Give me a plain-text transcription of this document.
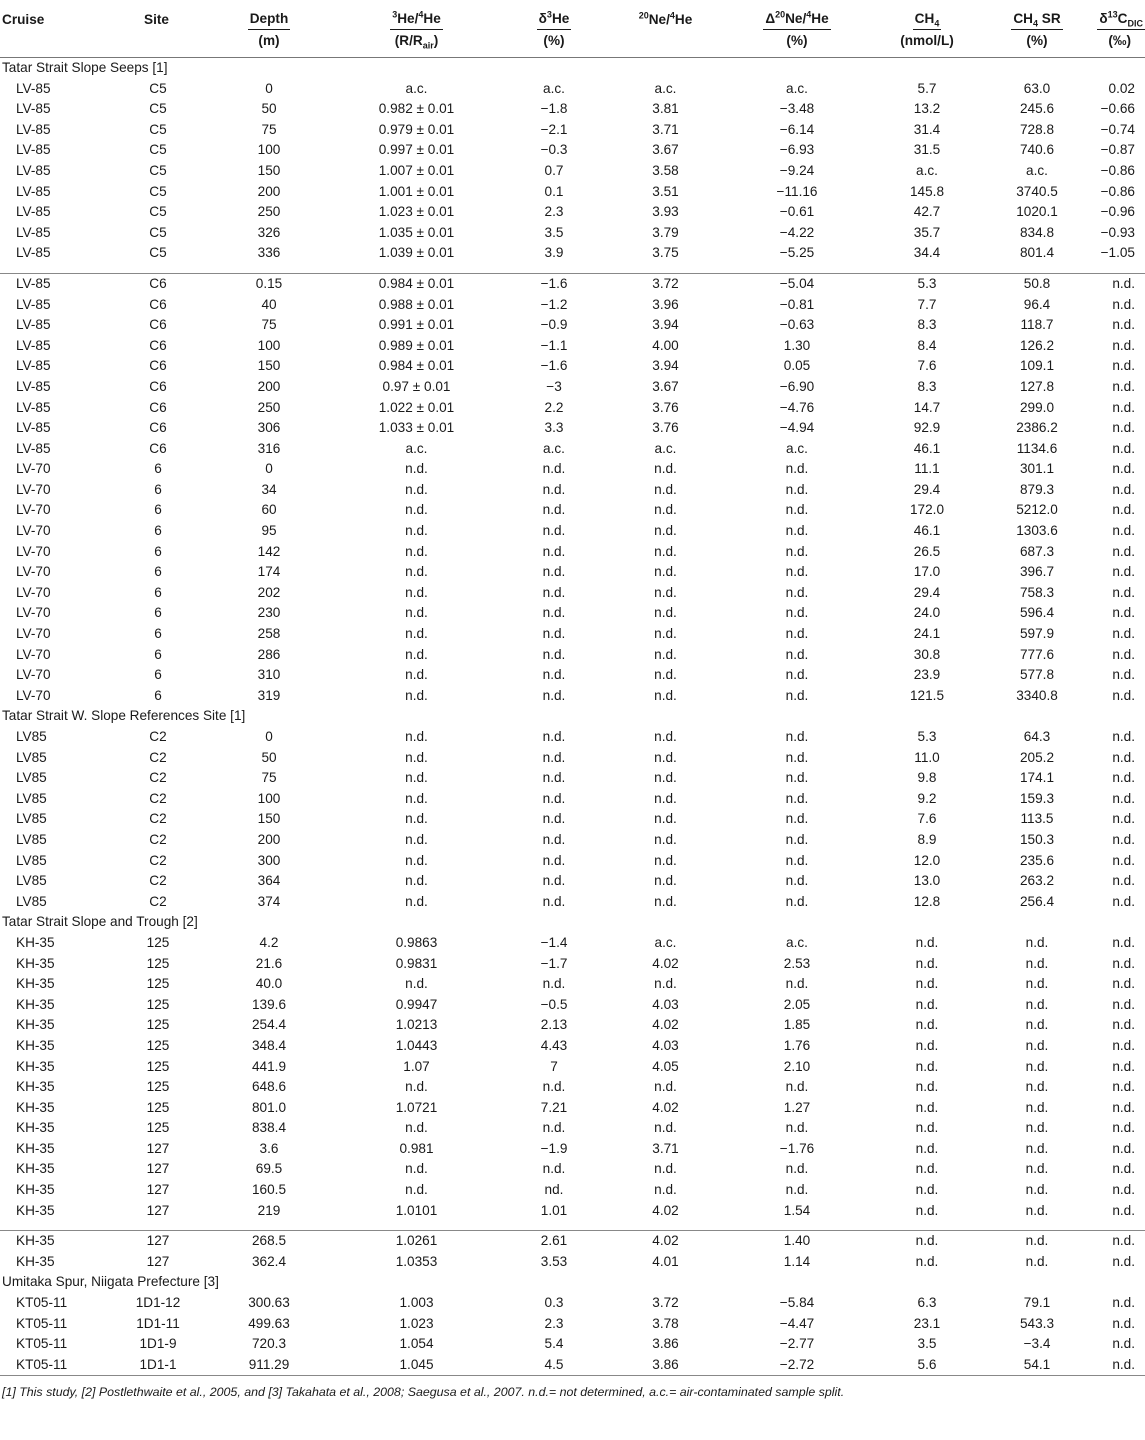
Cruise	Site	Depth	$^3$He/$^4$He	$\delta^3He$	$^{20}$Ne/$^4$He	$\Delta^{20}Ne/^4He$	$CH_4$	$CH_4$ SR	$\delta^{13}C_{DIC}$
		(m)	$(R/R_{air})$	(%)		(%)	(nmol/L)	(%)	(‰)

Tatar Strait Slope Seeps [1]									
LV-85	C5	0	a.c.	a.c.	a.c.	a.c.	5.7	63.0	0.02
LV-85	C5	50	0.982 ± 0.01	−1.8	3.81	−3.48	13.2	245.6	−0.66
LV-85	C5	75	0.979 ± 0.01	−2.1	3.71	−6.14	31.4	728.8	−0.74
LV-85	C5	100	0.997 ± 0.01	−0.3	3.67	−6.93	31.5	740.6	−0.87
LV-85	C5	150	1.007 ± 0.01	0.7	3.58	−9.24	a.c.	a.c.	−0.86
LV-85	C5	200	1.001 ± 0.01	0.1	3.51	−11.16	145.8	3740.5	−0.86
LV-85	C5	250	1.023 ± 0.01	2.3	3.93	−0.61	42.7	1020.1	−0.96
LV-85	C5	326	1.035 ± 0.01	3.5	3.79	−4.22	35.7	834.8	−0.93
LV-85	C5	336	1.039 ± 0.01	3.9	3.75	−5.25	34.4	801.4	−1.05

LV-85	C6	0.15	0.984 ± 0.01	−1.6	3.72	−5.04	5.3	50.8	n.d.
LV-85	C6	40	0.988 ± 0.01	−1.2	3.96	−0.81	7.7	96.4	n.d.
LV-85	C6	75	0.991 ± 0.01	−0.9	3.94	−0.63	8.3	118.7	n.d.
LV-85	C6	100	0.989 ± 0.01	−1.1	4.00	1.30	8.4	126.2	n.d.
LV-85	C6	150	0.984 ± 0.01	−1.6	3.94	0.05	7.6	109.1	n.d.
LV-85	C6	200	0.97 ± 0.01	−3	3.67	−6.90	8.3	127.8	n.d.
LV-85	C6	250	1.022 ± 0.01	2.2	3.76	−4.76	14.7	299.0	n.d.
LV-85	C6	306	1.033 ± 0.01	3.3	3.76	−4.94	92.9	2386.2	n.d.
LV-85	C6	316	a.c.	a.c.	a.c.	a.c.	46.1	1134.6	n.d.
LV-70	6	0	n.d.	n.d.	n.d.	n.d.	11.1	301.1	n.d.
LV-70	6	34	n.d.	n.d.	n.d.	n.d.	29.4	879.3	n.d.
LV-70	6	60	n.d.	n.d.	n.d.	n.d.	172.0	5212.0	n.d.
LV-70	6	95	n.d.	n.d.	n.d.	n.d.	46.1	1303.6	n.d.
LV-70	6	142	n.d.	n.d.	n.d.	n.d.	26.5	687.3	n.d.
LV-70	6	174	n.d.	n.d.	n.d.	n.d.	17.0	396.7	n.d.
LV-70	6	202	n.d.	n.d.	n.d.	n.d.	29.4	758.3	n.d.
LV-70	6	230	n.d.	n.d.	n.d.	n.d.	24.0	596.4	n.d.
LV-70	6	258	n.d.	n.d.	n.d.	n.d.	24.1	597.9	n.d.
LV-70	6	286	n.d.	n.d.	n.d.	n.d.	30.8	777.6	n.d.
LV-70	6	310	n.d.	n.d.	n.d.	n.d.	23.9	577.8	n.d.
LV-70	6	319	n.d.	n.d.	n.d.	n.d.	121.5	3340.8	n.d.
Tatar Strait W. Slope References Site [1]									
LV85	C2	0	n.d.	n.d.	n.d.	n.d.	5.3	64.3	n.d.
LV85	C2	50	n.d.	n.d.	n.d.	n.d.	11.0	205.2	n.d.
LV85	C2	75	n.d.	n.d.	n.d.	n.d.	9.8	174.1	n.d.
LV85	C2	100	n.d.	n.d.	n.d.	n.d.	9.2	159.3	n.d.
LV85	C2	150	n.d.	n.d.	n.d.	n.d.	7.6	113.5	n.d.
LV85	C2	200	n.d.	n.d.	n.d.	n.d.	8.9	150.3	n.d.
LV85	C2	300	n.d.	n.d.	n.d.	n.d.	12.0	235.6	n.d.
LV85	C2	364	n.d.	n.d.	n.d.	n.d.	13.0	263.2	n.d.
LV85	C2	374	n.d.	n.d.	n.d.	n.d.	12.8	256.4	n.d.
Tatar Strait Slope and Trough [2]									
KH-35	125	4.2	0.9863	−1.4	a.c.	a.c.	n.d.	n.d.	n.d.
KH-35	125	21.6	0.9831	−1.7	4.02	2.53	n.d.	n.d.	n.d.
KH-35	125	40.0	n.d.	n.d.	n.d.	n.d.	n.d.	n.d.	n.d.
KH-35	125	139.6	0.9947	−0.5	4.03	2.05	n.d.	n.d.	n.d.
KH-35	125	254.4	1.0213	2.13	4.02	1.85	n.d.	n.d.	n.d.
KH-35	125	348.4	1.0443	4.43	4.03	1.76	n.d.	n.d.	n.d.
KH-35	125	441.9	1.07	7	4.05	2.10	n.d.	n.d.	n.d.
KH-35	125	648.6	n.d.	n.d.	n.d.	n.d.	n.d.	n.d.	n.d.
KH-35	125	801.0	1.0721	7.21	4.02	1.27	n.d.	n.d.	n.d.
KH-35	125	838.4	n.d.	n.d.	n.d.	n.d.	n.d.	n.d.	n.d.
KH-35	127	3.6	0.981	−1.9	3.71	−1.76	n.d.	n.d.	n.d.
KH-35	127	69.5	n.d.	n.d.	n.d.	n.d.	n.d.	n.d.	n.d.
KH-35	127	160.5	n.d.	nd.	n.d.	n.d.	n.d.	n.d.	n.d.
KH-35	127	219	1.0101	1.01	4.02	1.54	n.d.	n.d.	n.d.

KH-35	127	268.5	1.0261	2.61	4.02	1.40	n.d.	n.d.	n.d.
KH-35	127	362.4	1.0353	3.53	4.01	1.14	n.d.	n.d.	n.d.
Umitaka Spur, Niigata Prefecture [3]									
KT05-11	1D1-12	300.63	1.003	0.3	3.72	−5.84	6.3	79.1	n.d.
KT05-11	1D1-11	499.63	1.023	2.3	3.78	−4.47	23.1	543.3	n.d.
KT05-11	1D1-9	720.3	1.054	5.4	3.86	−2.77	3.5	−3.4	n.d.
KT05-11	1D1-1	911.29	1.045	4.5	3.86	−2.72	5.6	54.1	n.d.
[1] This study, [2] Postlethwaite et al., 2005, and [3] Takahata et al., 2008; Saegusa et al., 2007. n.d.= not determined, a.c.= air-contaminated sample split.									
